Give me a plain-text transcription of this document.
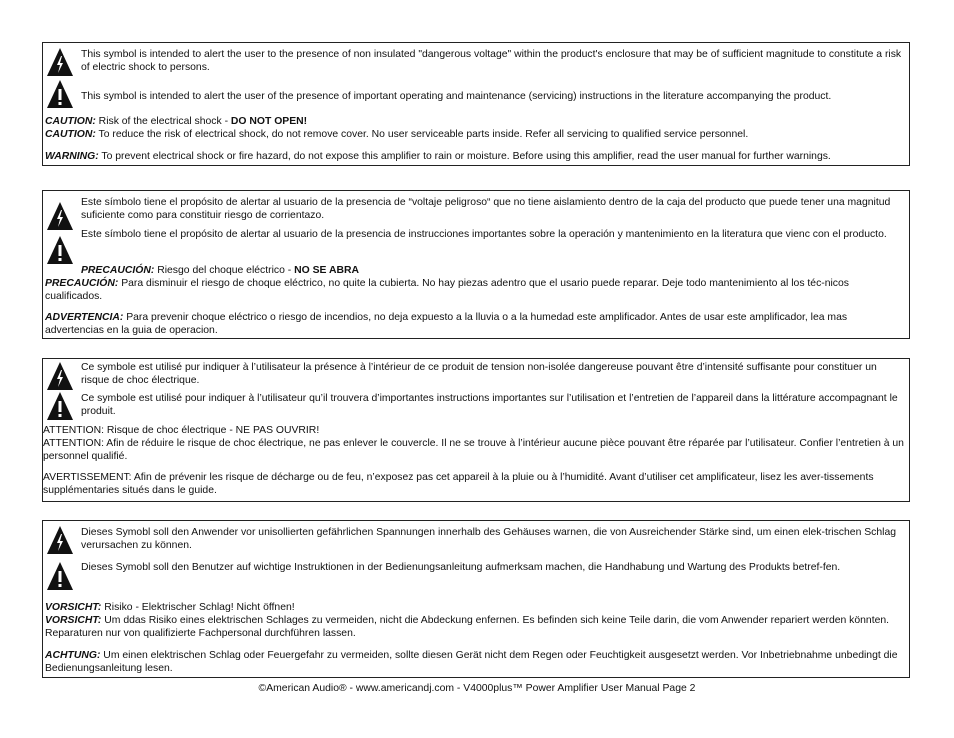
This symbol is intended to alert the user to the presence of non insulated "dangerous voltage" within the product's enclosure that may be of sufficient magnitude to constitute a risk of electric shock to persons.
This symbol is intended to alert the user of the presence of important operating and maintenance (servicing) instructions in the literature accompanying the product.
CAUTION: Risk of the electrical shock - DO NOT OPEN!
CAUTION: To reduce the risk of electrical shock, do not remove cover. No user serviceable parts inside. Refer all servicing to qualified service personnel.
WARNING: To prevent electrical shock or fire hazard, do not expose this amplifier to rain or moisture. Before using this amplifier, read the user manual for further warnings.
Este símbolo tiene el propósito de alertar al usuario de la presencia de “voltaje peligroso“ que no tiene aislamiento dentro de la caja del producto que puede tener una magnitud suficiente como para constituir riesgo de corrientazo.
Este símbolo tiene el propósito de alertar al usuario de la presencia de instrucciones importantes sobre la operación y mantenimiento en la literatura que vienc con el producto.
PRECAUCIÓN: Riesgo del choque eléctrico - NO SE ABRA
PRECAUCIÓN: Para disminuir el riesgo de choque eléctrico, no quite la cubierta. No hay piezas adentro que el usario puede reparar. Deje todo mantenimiento al los téc-nicos cualificados.
ADVERTENCIA: Para prevenir choque eléctrico o riesgo de incendios, no deja expuesto a la lluvia o a la humedad este amplificador. Antes de usar este amplificador, lea mas advertencias en la guia de operacion.
Ce symbole est utilisé pur indiquer à l’utilisateur la présence à l’intérieur de ce produit de tension non-isolée dangereuse pouvant être d’intensité suffisante pour constituer un risque de choc électrique.
Ce symbole est utilisé pour indiquer à l’utilisateur qu’il trouvera d’importantes instructions importantes sur l’utilisation et l’entretien de l’appareil dans la littérature accompagnant le produit.
ATTENTION: Risque de choc électrique - NE PAS OUVRIR!
ATTENTION: Afin de réduire le risque de choc électrique, ne pas enlever le couvercle. Il ne se trouve à l’intérieur aucune pièce pouvant être réparée par l’utilisateur. Confier l’entretien à un personnel qualifié.
AVERTISSEMENT: Afin de prévenir les risque de décharge ou de feu, n’exposez pas cet appareil à la pluie ou à l’humidité. Avant d’utiliser cet amplificateur, lisez les aver-tissements supplémentaries situés dans le guide.
Dieses Symobl soll den Anwender vor unisollierten gefährlichen Spannungen innerhalb des Gehäuses warnen, die von Ausreichender Stärke sind, um einen elek-trischen Schlag verursachen zu können.
Dieses Symobl soll den Benutzer auf wichtige Instruktionen in der Bedienungsanleitung aufmerksam machen, die Handhabung und Wartung des Produkts betref-fen.
VORSICHT: Risiko - Elektrischer Schlag! Nicht öffnen!
VORSICHT: Um ddas Risiko eines elektrischen Schlages zu vermeiden, nicht die Abdeckung enfernen. Es befinden sich keine Teile darin, die vom Anwender repariert werden könnten. Reparaturen nur von qualifizierte Fachpersonal durchführen lassen.
ACHTUNG: Um einen elektrischen Schlag oder Feuergefahr zu vermeiden, sollte diesen Gerät nicht dem Regen oder Feuchtigkeit ausgesetzt werden. Vor Inbetriebnahme unbedingt die Bedienungsanleitung lesen.
©American Audio® - www.americandj.com - V4000plus™ Power Amplifier User Manual Page 2
